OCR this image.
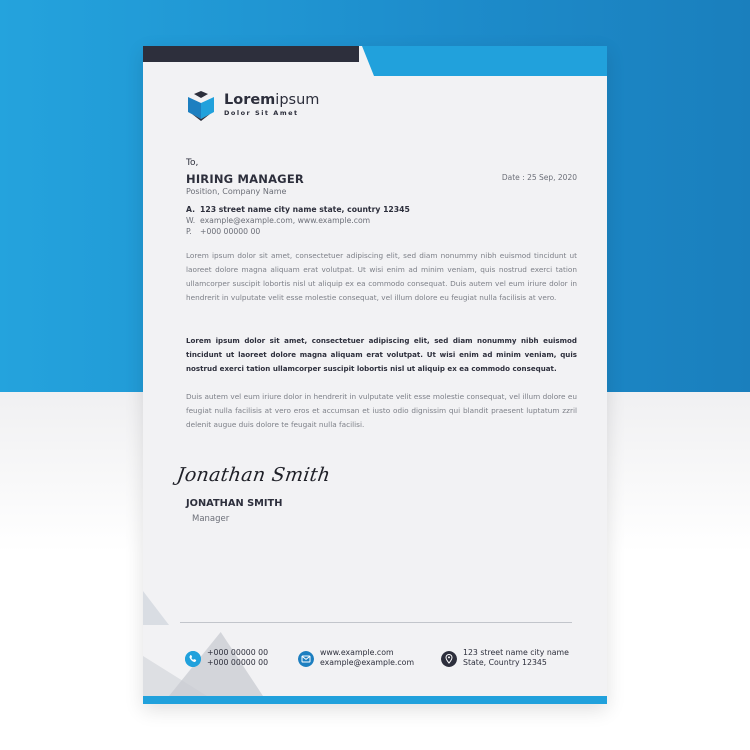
Loremipsum
Dolor Sit Amet
To,
HIRING MANAGER
Position, Company Name
Date : 25 Sep, 2020
A. 123 street name city name state, country 12345
W. example@example.com, www.example.com
P. +000 00000 00

Lorem ipsum dolor sit amet, consectetuer adipiscing elit, sed diam nonummy nibh euismod tincidunt ut laoreet dolore magna aliquam erat volutpat. Ut wisi enim ad minim veniam, quis nostrud exerci tation ullamcorper suscipit lobortis nisl ut aliquip ex ea commodo consequat. Duis autem vel eum iriure dolor in hendrerit in vulputate velit esse molestie consequat, vel illum dolore eu feugiat nulla facilisis at vero.

Lorem ipsum dolor sit amet, consectetuer adipiscing elit, sed diam nonummy nibh euismod tincidunt ut laoreet dolore magna aliquam erat volutpat. Ut wisi enim ad minim veniam, quis nostrud exerci tation ullamcorper suscipit lobortis nisl ut aliquip ex ea commodo consequat.

Duis autem vel eum iriure dolor in hendrerit in vulputate velit esse molestie consequat, vel illum dolore eu feugiat nulla facilisis at vero eros et accumsan et iusto odio dignissim qui blandit praesent luptatum zzril delenit augue duis dolore te feugait nulla facilisi.

Jonathan Smith
JONATHAN SMITH
Manager
+000 00000 00
+000 00000 00
www.example.com
example@example.com
123 street name city name
State, Country 12345
